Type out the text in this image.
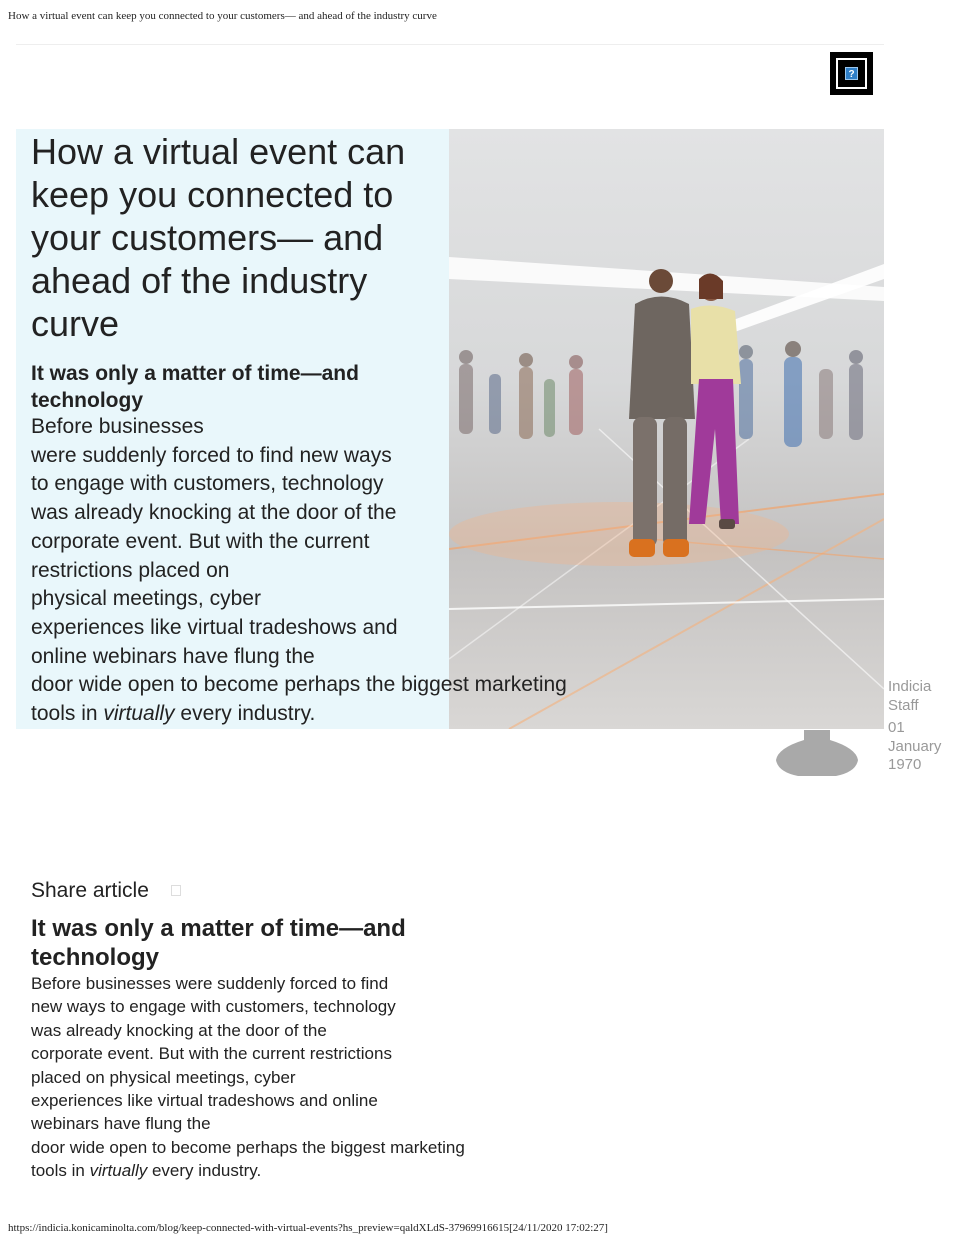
How a virtual event can keep you connected to your customers— and ahead of the industry curve
?
How a virtual event can keep you connected to your customers— and ahead of the industry curve
It was only a matter of time—and technology

Before businesses
were suddenly forced to find new ways
to engage with customers, technology
was already knocking at the door of the
corporate event. But with the current
restrictions placed on
physical meetings, cyber
experiences like virtual tradeshows and
online webinars have flung the
door wide open to become perhaps the biggest marketing
tools in virtually every industry.

Indicia Staff
01 January 1970
Share article
It was only a matter of time—and technology

Before businesses were suddenly forced to find
new ways to engage with customers, technology
was already knocking at the door of the
corporate event. But with the current restrictions
placed on physical meetings, cyber
experiences like virtual tradeshows and online
webinars have flung the
door wide open to become perhaps the biggest marketing
tools in virtually every industry.

https://indicia.konicaminolta.com/blog/keep-connected-with-virtual-events?hs_preview=qaldXLdS-37969916615[24/11/2020 17:02:27]
